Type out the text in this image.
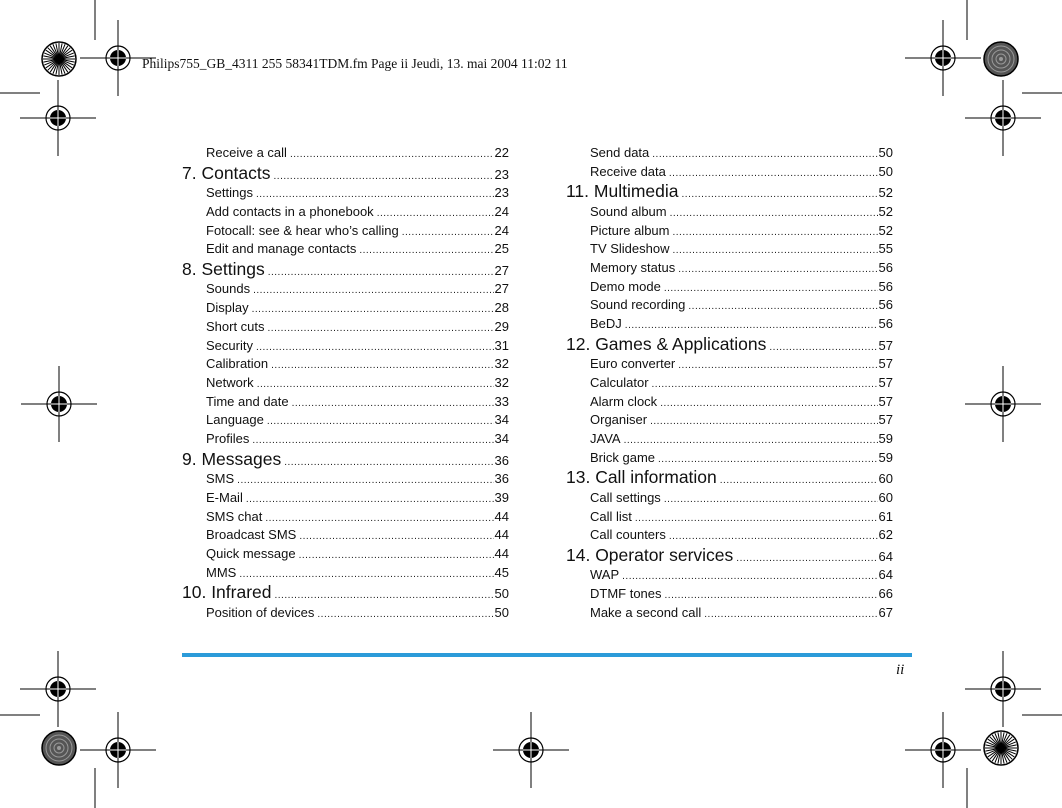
Philips755_GB_4311 255 58341TDM.fm Page ii Jeudi, 13. mai 2004 11:02 11
Receive a call .....	22
7. Contacts .....	23
Settings .....	23
Add contacts in a phonebook .....	24
Fotocall: see & hear who’s calling .....	24
Edit and manage contacts .....	25
8. Settings .....	27
Sounds .....	27
Display .....	28
Short cuts .....	29
Security .....	31
Calibration .....	32
Network .....	32
Time and date .....	33
Language .....	34
Profiles .....	34
9. Messages .....	36
SMS .....	36
E-Mail .....	39
SMS chat .....	44
Broadcast SMS .....	44
Quick message .....	44
MMS .....	45
10. Infrared .....	50
Position of devices .....	50
Send data .....	50
Receive data .....	50
11. Multimedia .....	52
Sound album .....	52
Picture album .....	52
TV Slideshow .....	55
Memory status .....	56
Demo mode .....	56
Sound recording .....	56
BeDJ .....	56
12. Games & Applications .....	57
Euro converter .....	57
Calculator .....	57
Alarm clock .....	57
Organiser .....	57
JAVA .....	59
Brick game .....	59
13. Call information .....	60
Call settings .....	60
Call list .....	61
Call counters .....	62
14. Operator services .....	64
WAP .....	64
DTMF tones .....	66
Make a second call .....	67
ii
